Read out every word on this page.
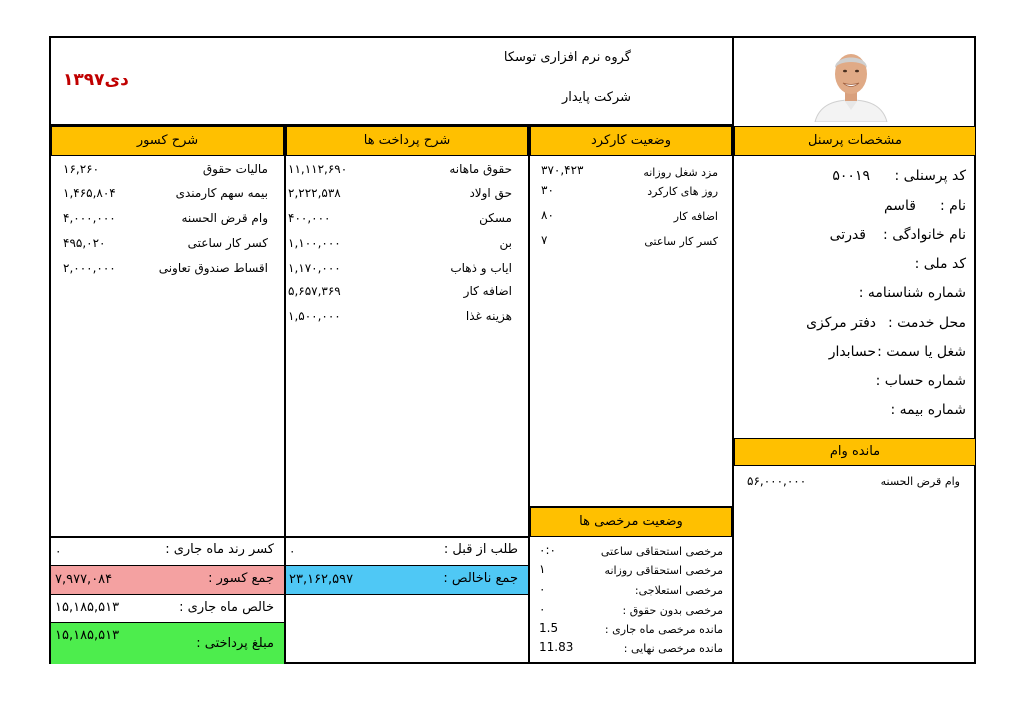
دی۱۳۹۷
گروه نرم افزاری توسکا
شرکت پایدار
مشخصات پرسنل
وضعیت کارکرد
شرح پرداخت ها
شرح کسور
کد پرسنلی :
۵۰۰۱۹
نام :
قاسم
نام خانوادگی :
قدرتی
کد ملی :
شماره شناسنامه :
محل خدمت :
دفتر مرکزی
شغل یا سمت :
حسابدار
شماره حساب :
شماره بیمه :
مانده وام
وام قرض الحسنه
۵۶,۰۰۰,۰۰۰
مزد شغل روزانه
۳۷۰,۴۲۳
روز های کارکرد
۳۰
اضافه کار
۸۰
کسر کار ساعتی
۷
وضعیت مرخصی ها
مرخصی استحقاقی ساعتی
۰:۰
مرخصی استحقاقی روزانه
۱
مرخصی استعلاجی:
۰
مرخصی بدون حقوق :
۰
مانده مرخصی ماه جاری :
1.5
مانده مرخصی نهایی :
11.83
حقوق ماهانه
۱۱,۱۱۲,۶۹۰
حق اولاد
۲,۲۲۲,۵۳۸
مسکن
۴۰۰,۰۰۰
بن
۱,۱۰۰,۰۰۰
ایاب و ذهاب
۱,۱۷۰,۰۰۰
اضافه کار
۵,۶۵۷,۳۶۹
هزینه غذا
۱,۵۰۰,۰۰۰
مالیات حقوق
۱۶,۲۶۰
بیمه سهم کارمندی
۱,۴۶۵,۸۰۴
وام قرض الحسنه
۴,۰۰۰,۰۰۰
کسر کار ساعتی
۴۹۵,۰۲۰
اقساط صندوق تعاونی
۲,۰۰۰,۰۰۰
کسر رند ماه جاری :
۰	طلب از قبل :
۰
جمع کسور :
۷,۹۷۷,۰۸۴	جمع ناخالص :
۲۳,۱۶۲,۵۹۷
خالص ماه جاری :
۱۵,۱۸۵,۵۱۳
مبلغ پرداختی :
۱۵,۱۸۵,۵۱۳
